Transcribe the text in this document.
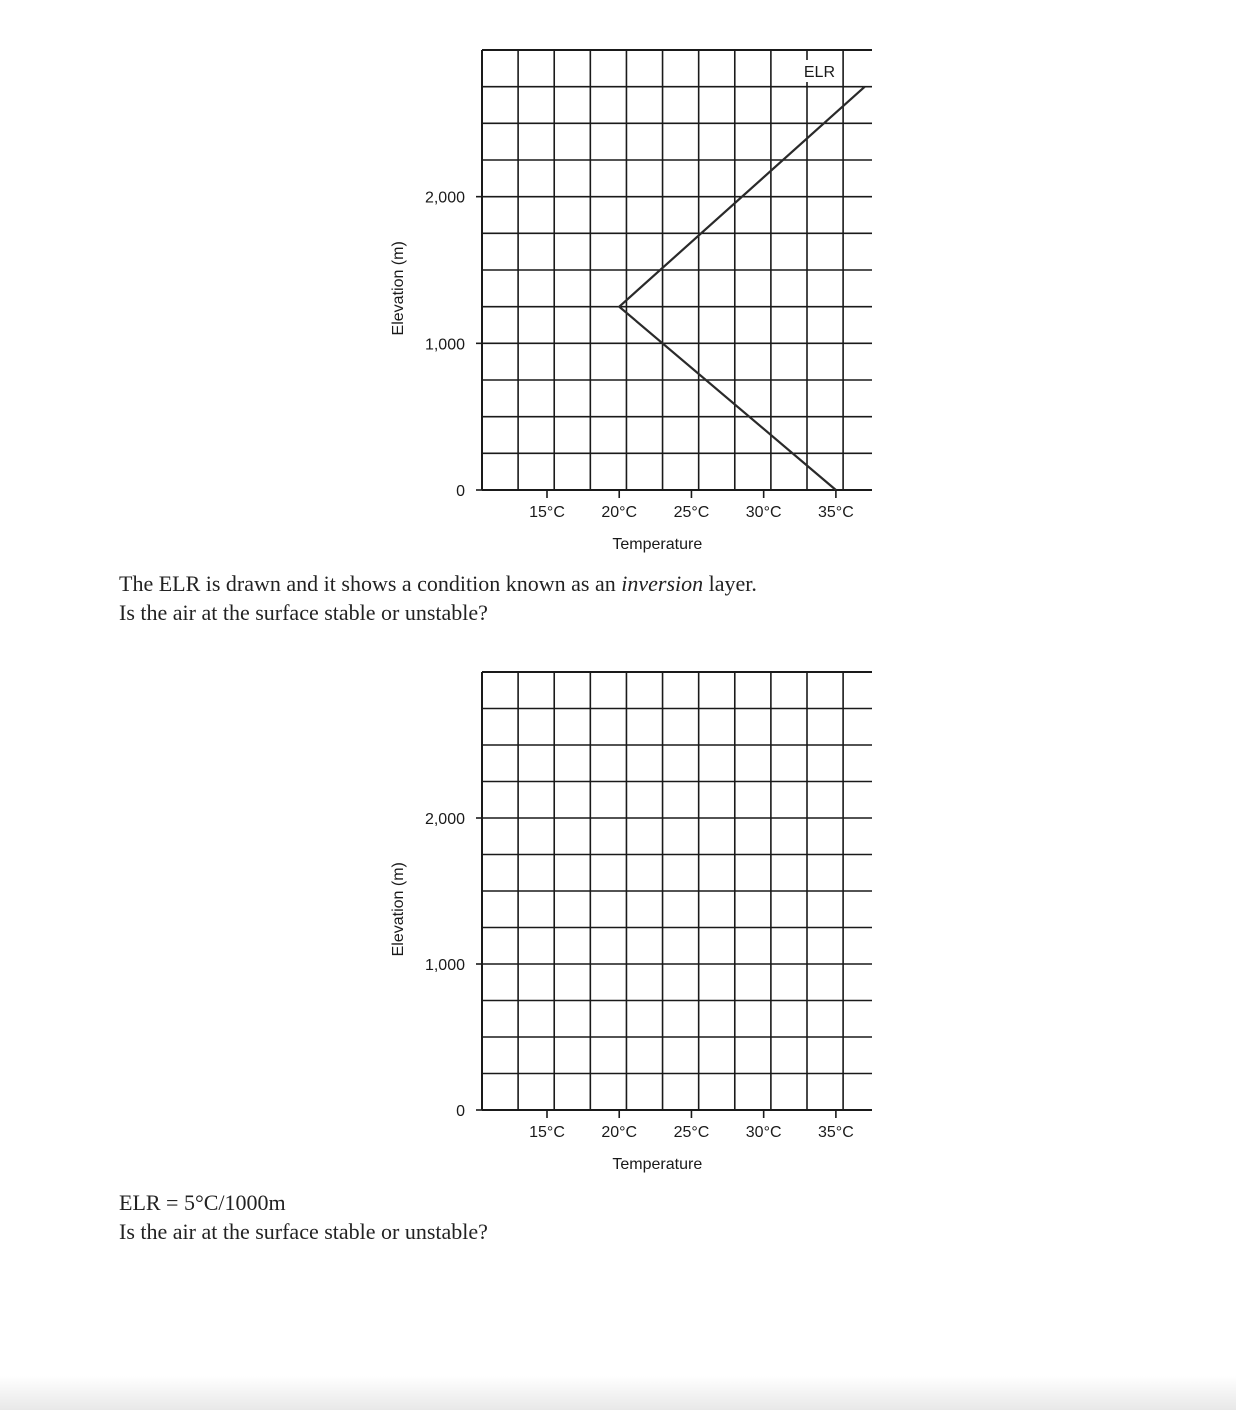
0
1,000
2,000
15°C 20°C 25°C 30°C 35°C
Temperature
Elevation (m)
ELR
0
1,000
2,000
15°C 20°C 25°C 30°C 35°C
Temperature
Elevation (m)

The ELR is drawn and it shows a condition known as an inversion layer.

Is the air at the surface stable or unstable?

ELR = 5°C/1000m

Is the air at the surface stable or unstable?
